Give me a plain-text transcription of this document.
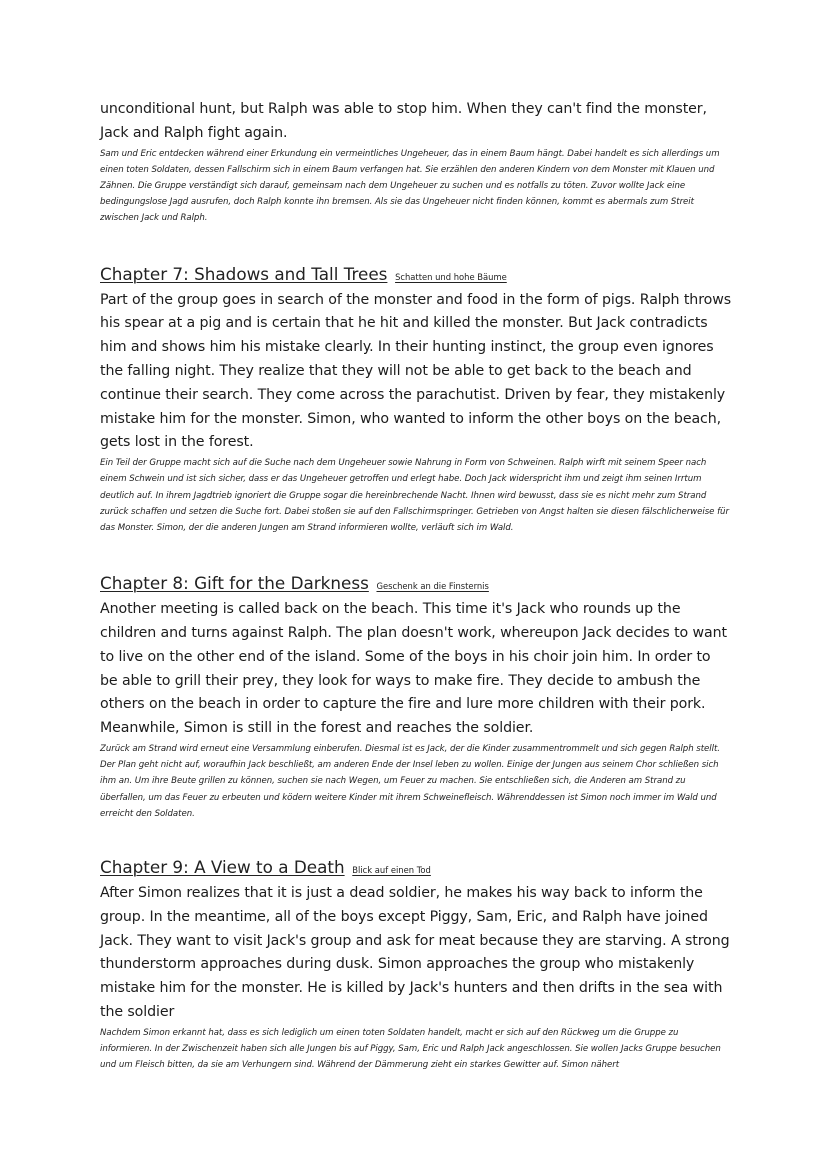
unconditional hunt, but Ralph was able to stop him. When they can't find the monster, Jack and Ralph fight again.

Sam und Eric entdecken während einer Erkundung ein vermeintliches Ungeheuer, das in einem Baum hängt. Dabei handelt es sich allerdings um einen toten Soldaten, dessen Fallschirm sich in einem Baum verfangen hat. Sie erzählen den anderen Kindern von dem Monster mit Klauen und Zähnen. Die Gruppe verständigt sich darauf, gemeinsam nach dem Ungeheuer zu suchen und es notfalls zu töten. Zuvor wollte Jack eine bedingungslose Jagd ausrufen, doch Ralph konnte ihn bremsen. Als sie das Ungeheuer nicht finden können, kommt es abermals zum Streit zwischen Jack und Ralph.

Chapter 7: Shadows and Tall Trees Schatten und hohe Bäume

Part of the group goes in search of the monster and food in the form of pigs. Ralph throws his spear at a pig and is certain that he hit and killed the monster. But Jack contradicts him and shows him his mistake clearly. In their hunting instinct, the group even ignores the falling night. They realize that they will not be able to get back to the beach and continue their search. They come across the parachutist. Driven by fear, they mistakenly mistake him for the monster. Simon, who wanted to inform the other boys on the beach, gets lost in the forest.

Ein Teil der Gruppe macht sich auf die Suche nach dem Ungeheuer sowie Nahrung in Form von Schweinen. Ralph wirft mit seinem Speer nach einem Schwein und ist sich sicher, dass er das Ungeheuer getroffen und erlegt habe. Doch Jack widerspricht ihm und zeigt ihm seinen Irrtum deutlich auf. In ihrem Jagdtrieb ignoriert die Gruppe sogar die hereinbrechende Nacht. Ihnen wird bewusst, dass sie es nicht mehr zum Strand zurück schaffen und setzen die Suche fort. Dabei stoßen sie auf den Fallschirmspringer. Getrieben von Angst halten sie diesen fälschlicherweise für das Monster. Simon, der die anderen Jungen am Strand informieren wollte, verläuft sich im Wald.

Chapter 8: Gift for the Darkness Geschenk an die Finsternis

Another meeting is called back on the beach. This time it's Jack who rounds up the children and turns against Ralph. The plan doesn't work, whereupon Jack decides to want to live on the other end of the island. Some of the boys in his choir join him. In order to be able to grill their prey, they look for ways to make fire. They decide to ambush the others on the beach in order to capture the fire and lure more children with their pork. Meanwhile, Simon is still in the forest and reaches the soldier.

Zurück am Strand wird erneut eine Versammlung einberufen. Diesmal ist es Jack, der die Kinder zusammentrommelt und sich gegen Ralph stellt. Der Plan geht nicht auf, woraufhin Jack beschließt, am anderen Ende der Insel leben zu wollen. Einige der Jungen aus seinem Chor schließen sich ihm an. Um ihre Beute grillen zu können, suchen sie nach Wegen, um Feuer zu machen. Sie entschließen sich, die Anderen am Strand zu überfallen, um das Feuer zu erbeuten und ködern weitere Kinder mit ihrem Schweinefleisch. Währenddessen ist Simon noch immer im Wald und erreicht den Soldaten.

Chapter 9: A View to a Death Blick auf einen Tod

After Simon realizes that it is just a dead soldier, he makes his way back to inform the group. In the meantime, all of the boys except Piggy, Sam, Eric, and Ralph have joined Jack. They want to visit Jack's group and ask for meat because they are starving. A strong thunderstorm approaches during dusk. Simon approaches the group who mistakenly mistake him for the monster. He is killed by Jack's hunters and then drifts in the sea with the soldier

Nachdem Simon erkannt hat, dass es sich lediglich um einen toten Soldaten handelt, macht er sich auf den Rückweg um die Gruppe zu informieren. In der Zwischenzeit haben sich alle Jungen bis auf Piggy, Sam, Eric und Ralph Jack angeschlossen. Sie wollen Jacks Gruppe besuchen und um Fleisch bitten, da sie am Verhungern sind. Während der Dämmerung zieht ein starkes Gewitter auf. Simon nähert
